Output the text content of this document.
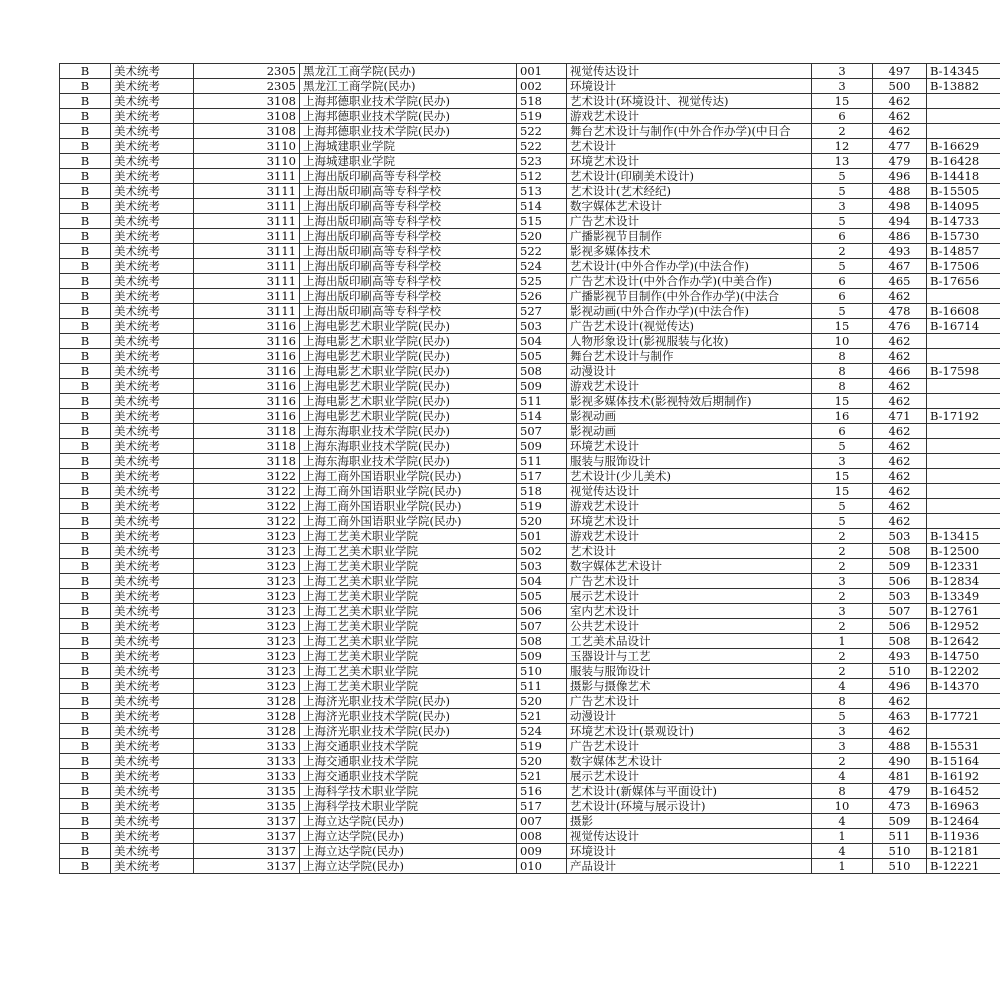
B	美术统考	2305	黑龙江工商学院(民办)	001	视觉传达设计	3	497	B-14345
B	美术统考	2305	黑龙江工商学院(民办)	002	环境设计	3	500	B-13882
B	美术统考	3108	上海邦德职业技术学院(民办)	518	艺术设计(环境设计、视觉传达)	15	462	
B	美术统考	3108	上海邦德职业技术学院(民办)	519	游戏艺术设计	6	462	
B	美术统考	3108	上海邦德职业技术学院(民办)	522	舞台艺术设计与制作(中外合作办学)(中日合	2	462	
B	美术统考	3110	上海城建职业学院	522	艺术设计	12	477	B-16629
B	美术统考	3110	上海城建职业学院	523	环境艺术设计	13	479	B-16428
B	美术统考	3111	上海出版印刷高等专科学校	512	艺术设计(印刷美术设计)	5	496	B-14418
B	美术统考	3111	上海出版印刷高等专科学校	513	艺术设计(艺术经纪)	5	488	B-15505
B	美术统考	3111	上海出版印刷高等专科学校	514	数字媒体艺术设计	3	498	B-14095
B	美术统考	3111	上海出版印刷高等专科学校	515	广告艺术设计	5	494	B-14733
B	美术统考	3111	上海出版印刷高等专科学校	520	广播影视节目制作	6	486	B-15730
B	美术统考	3111	上海出版印刷高等专科学校	522	影视多媒体技术	2	493	B-14857
B	美术统考	3111	上海出版印刷高等专科学校	524	艺术设计(中外合作办学)(中法合作)	5	467	B-17506
B	美术统考	3111	上海出版印刷高等专科学校	525	广告艺术设计(中外合作办学)(中美合作)	6	465	B-17656
B	美术统考	3111	上海出版印刷高等专科学校	526	广播影视节目制作(中外合作办学)(中法合	6	462	
B	美术统考	3111	上海出版印刷高等专科学校	527	影视动画(中外合作办学)(中法合作)	5	478	B-16608
B	美术统考	3116	上海电影艺术职业学院(民办)	503	广告艺术设计(视觉传达)	15	476	B-16714
B	美术统考	3116	上海电影艺术职业学院(民办)	504	人物形象设计(影视服装与化妆)	10	462	
B	美术统考	3116	上海电影艺术职业学院(民办)	505	舞台艺术设计与制作	8	462	
B	美术统考	3116	上海电影艺术职业学院(民办)	508	动漫设计	8	466	B-17598
B	美术统考	3116	上海电影艺术职业学院(民办)	509	游戏艺术设计	8	462	
B	美术统考	3116	上海电影艺术职业学院(民办)	511	影视多媒体技术(影视特效后期制作)	15	462	
B	美术统考	3116	上海电影艺术职业学院(民办)	514	影视动画	16	471	B-17192
B	美术统考	3118	上海东海职业技术学院(民办)	507	影视动画	6	462	
B	美术统考	3118	上海东海职业技术学院(民办)	509	环境艺术设计	5	462	
B	美术统考	3118	上海东海职业技术学院(民办)	511	服装与服饰设计	3	462	
B	美术统考	3122	上海工商外国语职业学院(民办)	517	艺术设计(少儿美术)	15	462	
B	美术统考	3122	上海工商外国语职业学院(民办)	518	视觉传达设计	15	462	
B	美术统考	3122	上海工商外国语职业学院(民办)	519	游戏艺术设计	5	462	
B	美术统考	3122	上海工商外国语职业学院(民办)	520	环境艺术设计	5	462	
B	美术统考	3123	上海工艺美术职业学院	501	游戏艺术设计	2	503	B-13415
B	美术统考	3123	上海工艺美术职业学院	502	艺术设计	2	508	B-12500
B	美术统考	3123	上海工艺美术职业学院	503	数字媒体艺术设计	2	509	B-12331
B	美术统考	3123	上海工艺美术职业学院	504	广告艺术设计	3	506	B-12834
B	美术统考	3123	上海工艺美术职业学院	505	展示艺术设计	2	503	B-13349
B	美术统考	3123	上海工艺美术职业学院	506	室内艺术设计	3	507	B-12761
B	美术统考	3123	上海工艺美术职业学院	507	公共艺术设计	2	506	B-12952
B	美术统考	3123	上海工艺美术职业学院	508	工艺美术品设计	1	508	B-12642
B	美术统考	3123	上海工艺美术职业学院	509	玉器设计与工艺	2	493	B-14750
B	美术统考	3123	上海工艺美术职业学院	510	服装与服饰设计	2	510	B-12202
B	美术统考	3123	上海工艺美术职业学院	511	摄影与摄像艺术	4	496	B-14370
B	美术统考	3128	上海济光职业技术学院(民办)	520	广告艺术设计	8	462	
B	美术统考	3128	上海济光职业技术学院(民办)	521	动漫设计	5	463	B-17721
B	美术统考	3128	上海济光职业技术学院(民办)	524	环境艺术设计(景观设计)	3	462	
B	美术统考	3133	上海交通职业技术学院	519	广告艺术设计	3	488	B-15531
B	美术统考	3133	上海交通职业技术学院	520	数字媒体艺术设计	2	490	B-15164
B	美术统考	3133	上海交通职业技术学院	521	展示艺术设计	4	481	B-16192
B	美术统考	3135	上海科学技术职业学院	516	艺术设计(新媒体与平面设计)	8	479	B-16452
B	美术统考	3135	上海科学技术职业学院	517	艺术设计(环境与展示设计)	10	473	B-16963
B	美术统考	3137	上海立达学院(民办)	007	摄影	4	509	B-12464
B	美术统考	3137	上海立达学院(民办)	008	视觉传达设计	1	511	B-11936
B	美术统考	3137	上海立达学院(民办)	009	环境设计	4	510	B-12181
B	美术统考	3137	上海立达学院(民办)	010	产品设计	1	510	B-12221
